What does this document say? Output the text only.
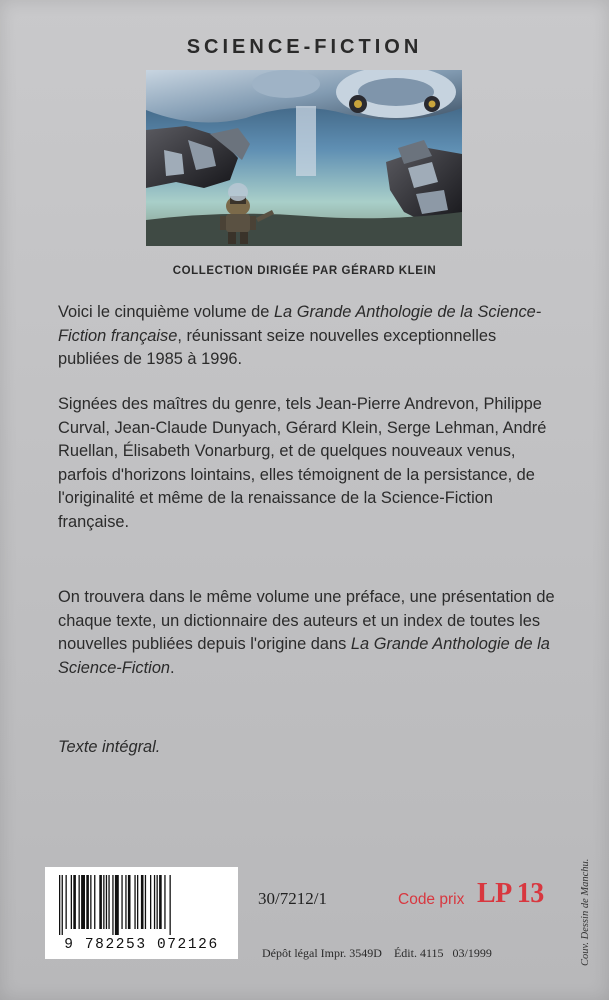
SCIENCE-FICTION
COLLECTION DIRIGÉE PAR GÉRARD KLEIN

Voici le cinquième volume de La Grande Anthologie de la Science-Fiction française, réunissant seize nouvelles exceptionnelles publiées de 1985 à 1996.

Signées des maîtres du genre, tels Jean-Pierre Andrevon, Philippe Curval, Jean-Claude Dunyach, Gérard Klein, Serge Lehman, André Ruellan, Élisabeth Vonarburg, et de quelques nouveaux venus, parfois d'horizons lointains, elles témoignent de la persistance, de l'originalité et même de la renaissance de la Science-Fiction française.

On trouvera dans le même volume une préface, une présentation de chaque texte, un dictionnaire des auteurs et un index de toutes les nouvelles publiées depuis l'origine dans La Grande Anthologie de la Science-Fiction.

Texte intégral.

9 782253 072126
30/7212/1	Code prix LP 13
Dépôt légal Impr. 3549D    Édit. 4115   03/1999	Couv. Dessin de Manchu.
